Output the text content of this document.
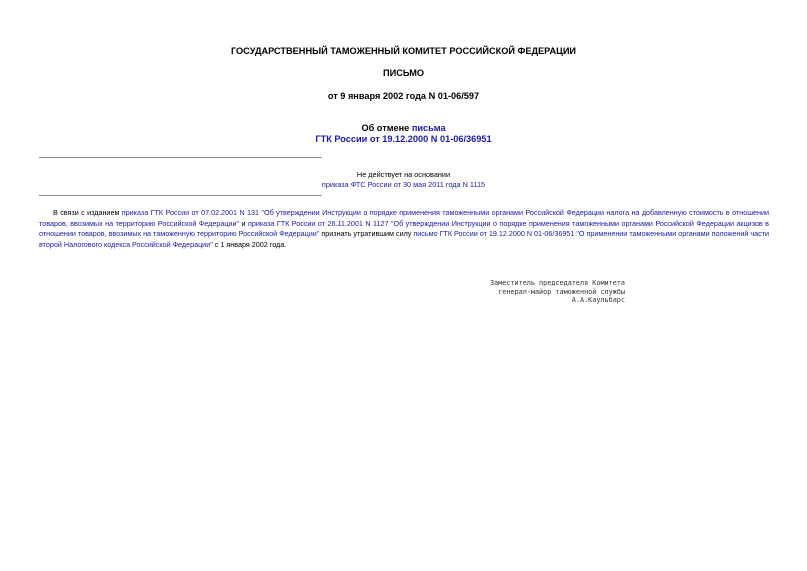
ГОСУДАРСТВЕННЫЙ ТАМОЖЕННЫЙ КОМИТЕТ РОССИЙСКОЙ ФЕДЕРАЦИИ
ПИСЬМО
от 9 января 2002 года N 01-06/597
Об отмене письма
ГТК России от 19.12.2000 N 01-06/36951
Не действует на основании
приказа ФТС России от 30 мая 2011 года N 1115
В связи с изданием приказа ГТК России от 07.02.2001 N 131 "Об утверждении Инструкции о порядке применения таможенными органами Российской Федерации налога на добавленную стоимость в отношении товаров, ввозимых на территорию Российской Федерации" и приказа ГТК России от 26.11.2001 N 1127 "Об утверждении Инструкции о порядке применения таможенными органами Российской Федерации акцизов в отношении товаров, ввозимых на таможенную территорию Российской Федерации" признать утратившим силу письмо ГТК России от 19.12.2000 N 01-06/36951 "О применении таможенными органами положений части второй Налогового кодекса Российской Федерации" с 1 января 2002 года.
Заместитель председателя Комитета
генерал-майор таможенной службы
А.А.Каульбарс
